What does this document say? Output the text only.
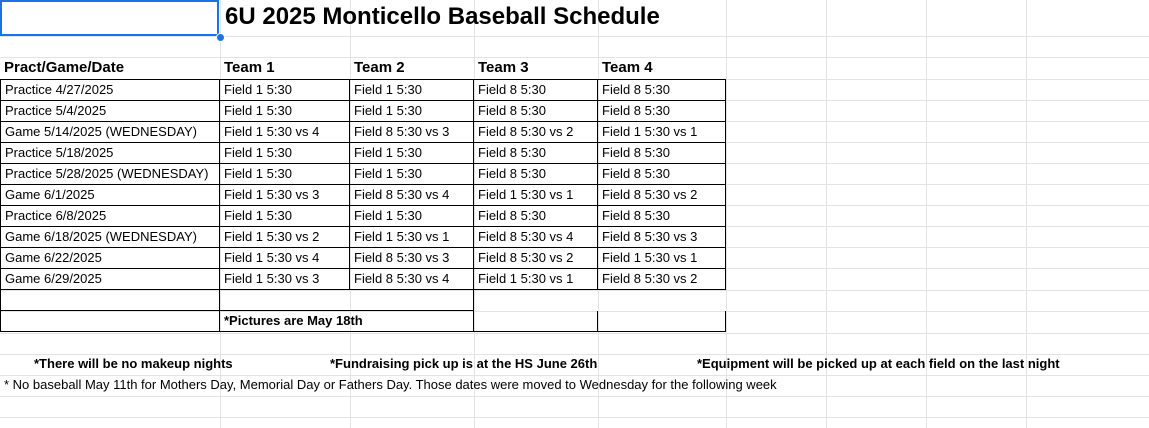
6U 2025 Monticello Baseball Schedule
Pract/Game/Date	Team 1	Team 2	Team 3	Team 4
Practice 4/27/2025	Field 1 5:30	Field 1 5:30	Field 8 5:30	Field 8 5:30
Practice 5/4/2025	Field 1 5:30	Field 1 5:30	Field 8 5:30	Field 8 5:30
Game 5/14/2025 (WEDNESDAY)	Field 1 5:30 vs 4	Field 8 5:30 vs 3	Field 8 5:30 vs 2	Field 1 5:30 vs 1
Practice 5/18/2025	Field 1 5:30	Field 1 5:30	Field 8 5:30	Field 8 5:30
Practice 5/28/2025 (WEDNESDAY)	Field 1 5:30	Field 1 5:30	Field 8 5:30	Field 8 5:30
Game 6/1/2025	Field 1 5:30 vs 3	Field 8 5:30 vs 4	Field 1 5:30 vs 1	Field 8 5:30 vs 2
Practice 6/8/2025	Field 1 5:30	Field 1 5:30	Field 8 5:30	Field 8 5:30
Game 6/18/2025 (WEDNESDAY)	Field 1 5:30 vs 2	Field 1 5:30 vs 1	Field 8 5:30 vs 4	Field 8 5:30 vs 3
Game 6/22/2025	Field 1 5:30 vs 4	Field 8 5:30 vs 3	Field 8 5:30 vs 2	Field 1 5:30 vs 1
Game 6/29/2025	Field 1 5:30 vs 3	Field 8 5:30 vs 4	Field 1 5:30 vs 1	Field 8 5:30 vs 2
*Pictures are May 18th
*There will be no makeup nights	*Fundraising pick up is at the HS June 26th	*Equipment will be picked up at each field on the last night
* No baseball May 11th for Mothers Day, Memorial Day or Fathers Day. Those dates were moved to Wednesday for the following week
